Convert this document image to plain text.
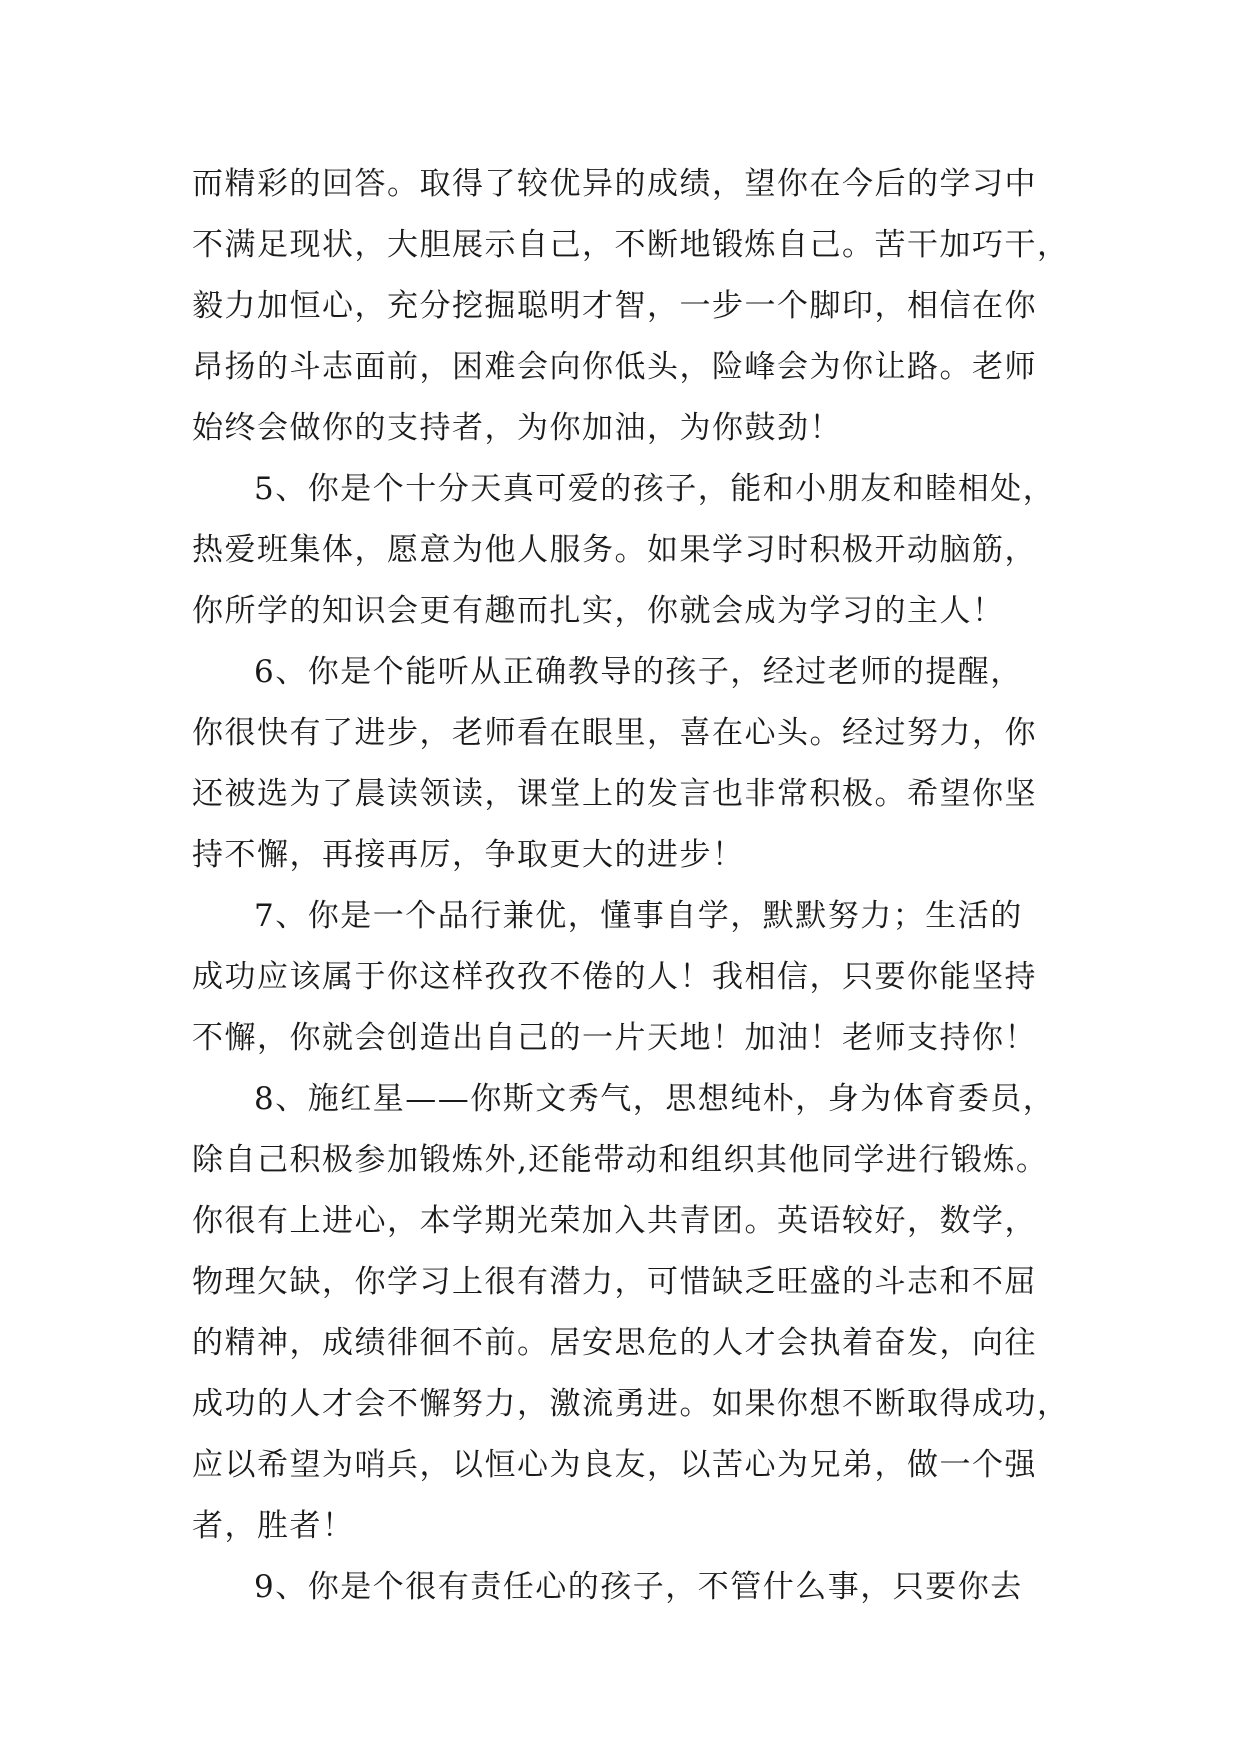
而精彩的回答。取得了较优异的成绩，望你在今后的学习中
不满足现状，大胆展示自己，不断地锻炼自己。苦干加巧干，
毅力加恒心，充分挖掘聪明才智，一步一个脚印，相信在你
昂扬的斗志面前，困难会向你低头，险峰会为你让路。老师
始终会做你的支持者，为你加油，为你鼓劲！
5、你是个十分天真可爱的孩子，能和小朋友和睦相处，
热爱班集体，愿意为他人服务。如果学习时积极开动脑筋，
你所学的知识会更有趣而扎实，你就会成为学习的主人！
6、你是个能听从正确教导的孩子，经过老师的提醒，
你很快有了进步，老师看在眼里，喜在心头。经过努力，你
还被选为了晨读领读，课堂上的发言也非常积极。希望你坚
持不懈，再接再厉，争取更大的进步！
7、你是一个品行兼优，懂事自学，默默努力；生活的
成功应该属于你这样孜孜不倦的人！我相信，只要你能坚持
不懈，你就会创造出自己的一片天地！加油！老师支持你！
8、施红星——你斯文秀气，思想纯朴，身为体育委员，
除自己积极参加锻炼外,还能带动和组织其他同学进行锻炼。
你很有上进心，本学期光荣加入共青团。英语较好，数学，
物理欠缺，你学习上很有潜力，可惜缺乏旺盛的斗志和不屈
的精神，成绩徘徊不前。居安思危的人才会执着奋发，向往
成功的人才会不懈努力，激流勇进。如果你想不断取得成功，
应以希望为哨兵，以恒心为良友，以苦心为兄弟，做一个强
者，胜者！
9、你是个很有责任心的孩子，不管什么事，只要你去
